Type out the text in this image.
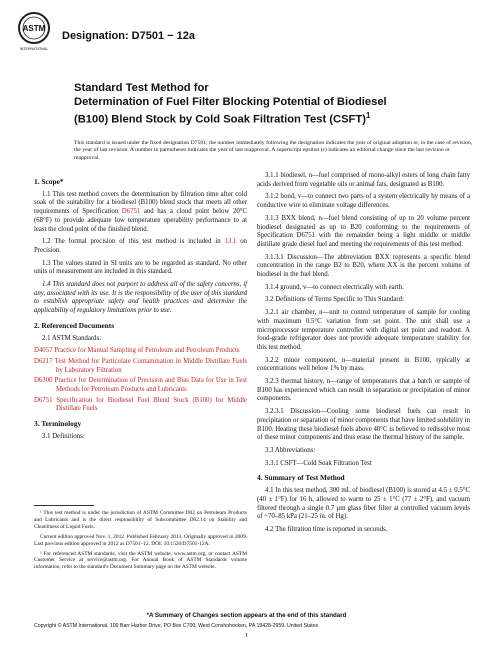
ASTM
INTERNATIONAL
Designation: D7501 − 12a
Standard Test Method for
Determination of Fuel Filter Blocking Potential of Biodiesel
(B100) Blend Stock by Cold Soak Filtration Test (CSFT)$^1$
This standard is issued under the fixed designation D7501; the number immediately following the designation indicates the year of original adoption or, in the case of revision, the year of last revision. A number in parentheses indicates the year of last reapproval. A superscript epsilon (ε) indicates an editorial change since the last revision or reapproval.
1. Scope*

1.1 This test method covers the determination by filtration time after cold soak of the suitability for a biodiesel (B100) blend stock that meets all other requirements of Specification D6751 and has a cloud point below 20°C (68°F) to provide adequate low temperature operability performance to at least the cloud point of the finished blend.

1.2 The formal precision of this test method is included in 13.1 on Precision.

1.3 The values stated in SI units are to be regarded as standard. No other units of measurement are included in this standard.

1.4 This standard does not purport to address all of the safety concerns, if any, associated with its use. It is the responsibility of the user of this standard to establish appropriate safety and health practices and determine the applicability of regulatory limitations prior to use.

2. Referenced Documents

2.1 ASTM Standards:

D4057 Practice for Manual Sampling of Petroleum and Petroleum Products
D6217 Test Method for Particulate Contamination in Middle Distillate Fuels by Laboratory Filtration
D6300 Practice for Determination of Precision and Bias Data for Use in Test Methods for Petroleum Products and Lubricants
D6751 Specification for Biodiesel Fuel Blend Stock (B100) for Middle Distillate Fuels
3. Terminology

3.1 Definitions:

¹ This test method is under the jurisdiction of ASTM Committee D02 on Petroleum Products and Lubricants and is the direct responsibility of Subcommittee D02.14 on Stability and Cleanliness of Liquid Fuels.

Current edition approved Nov. 1, 2012. Published February 2013. Originally approved in 2009. Last previous edition approved in 2012 as D7501–12. DOI: 10.1520/D7501-12A.

² For referenced ASTM standards, visit the ASTM website, www.astm.org, or contact ASTM Customer Service at service@astm.org. For Annual Book of ASTM Standards volume information, refer to the standard's Document Summary page on the ASTM website.

3.1.1 biodiesel, n—fuel comprised of mono-alkyl esters of long chain fatty acids derived from vegetable oils or animal fats, designated as B100.

3.1.2 bond, v—to connect two parts of a system electrically by means of a conductive wire to eliminate voltage differences.

3.1.3 BXX blend, n—fuel blend consisting of up to 20 volume percent biodiesel designated as up to B20 conforming to the requirements of Specification D6751 with the remainder being a light middle or middle distillate grade diesel fuel and meeting the requirements of this test method.

3.1.3.1 Discussion—The abbreviation BXX represents a specific blend concentration in the range B2 to B20, where XX is the percent volume of biodiesel in the fuel blend.

3.1.4 ground, v—to connect electrically with earth.

3.2 Definitions of Terms Specific to This Standard:

3.2.1 air chamber, n—unit to control temperature of sample for cooling with maximum 0.5°C variation from set point. The unit shall use a microprocessor temperature controller with digital set point and readout. A food-grade refrigerator does not provide adequate temperature stability for this test method.

3.2.2 minor component, n—material present in B100, typically at concentrations well below 1% by mass.

3.2.3 thermal history, n—range of temperatures that a batch or sample of B100 has experienced which can result in separation or precipitation of minor components.

3.2.3.1 Discussion—Cooling some biodiesel fuels can result in precipitation or separation of minor components that have limited solubility in B100. Heating these biodiesel fuels above 40°C is believed to redissolve most of these minor components and thus erase the thermal history of the sample.

3.3 Abbreviations:

3.3.1 CSFT—Cold Soak Filtration Test

4. Summary of Test Method

4.1 In this test method, 300 mL of biodiesel (B100) is stored at 4.5 ± 0.5°C (40 ± 1°F) for 16 h, allowed to warm to 25 ± 1°C (77 ± 2°F), and vacuum filtered through a single 0.7 µm glass fiber filter at controlled vacuum levels of ~70–85 kPa (21–25 in. of Hg).

4.2 The filtration time is reported in seconds.

*A Summary of Changes section appears at the end of this standard
Copyright © ASTM International, 100 Barr Harbor Drive, PO Box C700, West Conshohocken, PA 19428-2959. United States
1
